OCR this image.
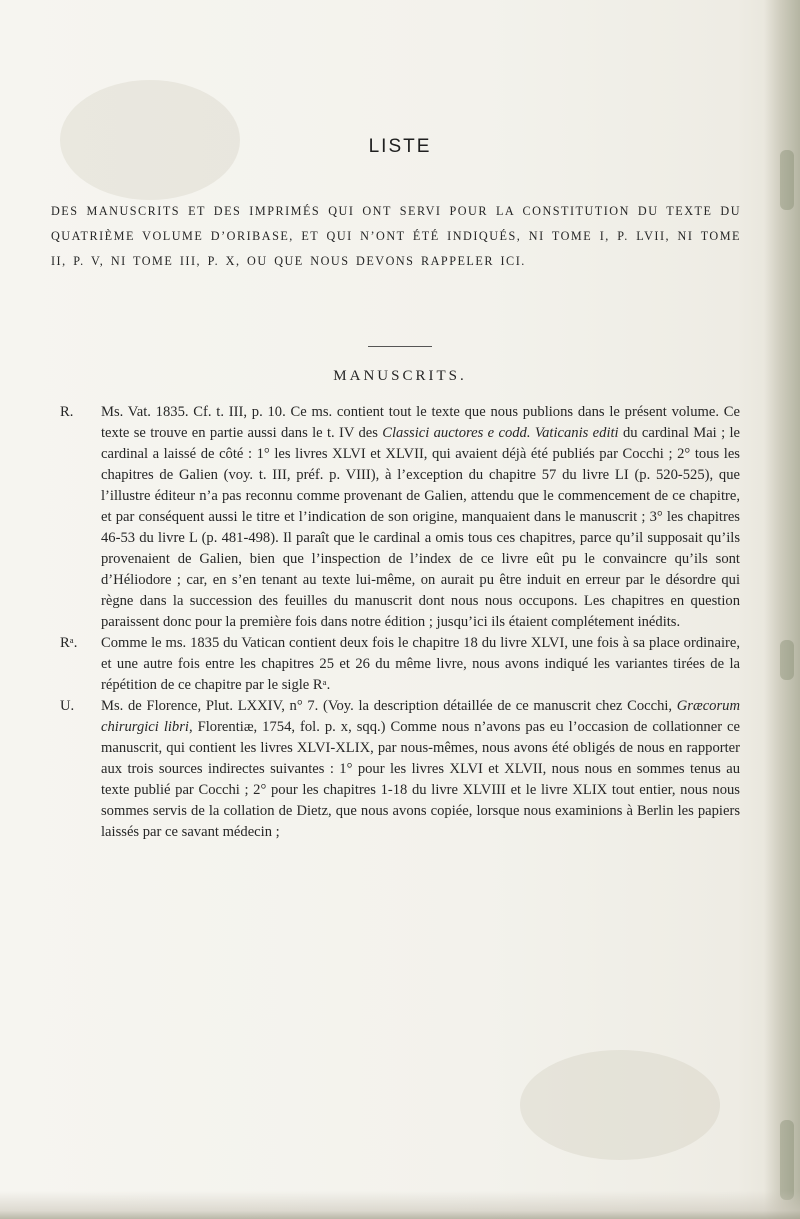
LISTE
DES MANUSCRITS ET DES IMPRIMÉS QUI ONT SERVI POUR LA CONSTITUTION DU TEXTE DU QUATRIÈME VOLUME D’ORIBASE, ET QUI N’ONT ÉTÉ INDIQUÉS, NI TOME I, P. LVII, NI TOME II, P. V, NI TOME III, P. X, OU QUE NOUS DEVONS RAPPELER ICI.
MANUSCRITS.
R.	Ms. Vat. 1835. Cf. t. III, p. 10. Ce ms. contient tout le texte que nous publions dans le présent volume. Ce texte se trouve en partie aussi dans le t. IV des Classici auctores e codd. Vaticanis editi du cardinal Mai ; le cardinal a laissé de côté : 1° les livres XLVI et XLVII, qui avaient déjà été publiés par Cocchi ; 2° tous les chapitres de Galien (voy. t. III, préf. p. VIII), à l’exception du chapitre 57 du livre LI (p. 520-525), que l’illustre éditeur n’a pas reconnu comme provenant de Galien, attendu que le commencement de ce chapitre, et par conséquent aussi le titre et l’indication de son origine, manquaient dans le manuscrit ; 3° les chapitres 46-53 du livre L (p. 481-498). Il paraît que le cardinal a omis tous ces chapitres, parce qu’il supposait qu’ils provenaient de Galien, bien que l’inspection de l’index de ce livre eût pu le convaincre qu’ils sont d’Héliodore ; car, en s’en tenant au texte lui-même, on aurait pu être induit en erreur par le désordre qui règne dans la succession des feuilles du manuscrit dont nous nous occupons. Les chapitres en question paraissent donc pour la première fois dans notre édition ; jusqu’ici ils étaient complétement inédits.
Rᵃ.	Comme le ms. 1835 du Vatican contient deux fois le chapitre 18 du livre XLVI, une fois à sa place ordinaire, et une autre fois entre les chapitres 25 et 26 du même livre, nous avons indiqué les variantes tirées de la répétition de ce chapitre par le sigle Rᵃ.
U.	Ms. de Florence, Plut. LXXIV, n° 7. (Voy. la description détaillée de ce manuscrit chez Cocchi, Græcorum chirurgici libri, Florentiæ, 1754, fol. p. x, sqq.) Comme nous n’avons pas eu l’occasion de collationner ce manuscrit, qui contient les livres XLVI-XLIX, par nous-mêmes, nous avons été obligés de nous en rapporter aux trois sources indirectes suivantes : 1° pour les livres XLVI et XLVII, nous nous en sommes tenus au texte publié par Cocchi ; 2° pour les chapitres 1-18 du livre XLVIII et le livre XLIX tout entier, nous nous sommes servis de la collation de Dietz, que nous avons copiée, lorsque nous examinions à Berlin les papiers laissés par ce savant médecin ;
